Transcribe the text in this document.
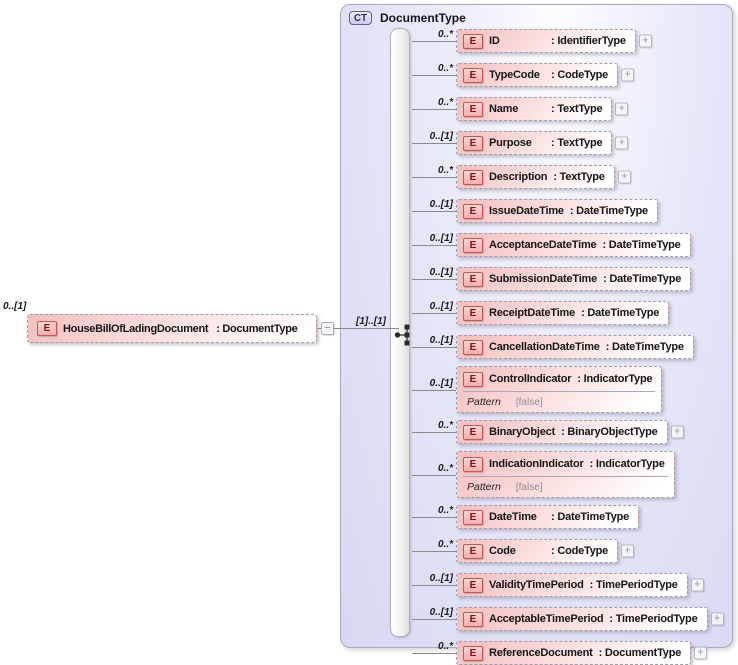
0..[1]
E	HouseBillOfLadingDocument : DocumentType −
[1]..[1]
CT	DocumentType
0..*
E	ID	: IdentifierType +
0..*
E	TypeCode	: CodeType +
0..*
E	Name	: TextType +
0..[1]
E	Purpose	: TextType +
0..*
E	Description : TextType +
0..[1]
E	IssueDateTime : DateTimeType
0..[1]
E	AcceptanceDateTime : DateTimeType
0..[1]
E	SubmissionDateTime : DateTimeType
0..[1]
E	ReceiptDateTime : DateTimeType
0..[1]
E	CancellationDateTime : DateTimeType
0..[1]	E	ControlIndicator : IndicatorType
Pattern [false]
0..*
E	BinaryObject : BinaryObjectType +
0..*	E	IndicationIndicator : IndicatorType
Pattern [false]
0..*
E	DateTime	: DateTimeType
0..*
E	Code	: CodeType +
0..[1]
E	ValidityTimePeriod : TimePeriodType +
0..[1]
E	AcceptableTimePeriod : TimePeriodType +
0..*
E	ReferenceDocument : DocumentType +
